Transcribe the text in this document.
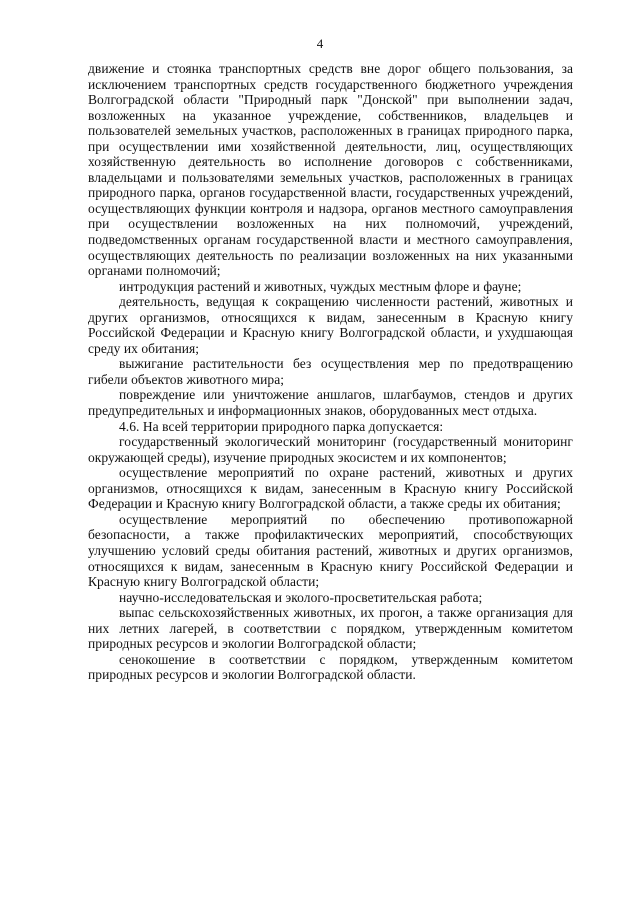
4

движение и стоянка транспортных средств вне дорог общего пользования, за исключением транспортных средств государственного бюджетного учреждения Волгоградской области "Природный парк "Донской" при выполнении задач, возложенных на указанное учреждение, собственников, владельцев и пользователей земельных участков, расположенных в границах природного парка, при осуществлении ими хозяйственной деятельности, лиц, осуществляющих хозяйственную деятельность во исполнение договоров с собственниками, владельцами и пользователями земельных участков, расположенных в границах природного парка, органов государственной власти, государственных учреждений, осуществляющих функции контроля и надзора, органов местного самоуправления при осуществлении возложенных на них полномочий, учреждений, подведомственных органам государственной власти и местного самоуправления, осуществляющих деятельность по реализации возложенных на них указанными органами полномочий;

интродукция растений и животных, чуждых местным флоре и фауне;

деятельность, ведущая к сокращению численности растений, животных и других организмов, относящихся к видам, занесенным в Красную книгу Российской Федерации и Красную книгу Волгоградской области, и ухудшающая среду их обитания;

выжигание растительности без осуществления мер по предотвращению гибели объектов животного мира;

повреждение или уничтожение аншлагов, шлагбаумов, стендов и других предупредительных и информационных знаков, оборудованных мест отдыха.

4.6. На всей территории природного парка допускается:

государственный экологический мониторинг (государственный мониторинг окружающей среды), изучение природных экосистем и их компонентов;

осуществление мероприятий по охране растений, животных и других организмов, относящихся к видам, занесенным в Красную книгу Российской Федерации и Красную книгу Волгоградской области, а также среды их обитания;

осуществление мероприятий по обеспечению противопожарной безопасности, а также профилактических мероприятий, способствующих улучшению условий среды обитания растений, животных и других организмов, относящихся к видам, занесенным в Красную книгу Российской Федерации и Красную книгу Волгоградской области;

научно-исследовательская и эколого-просветительская работа;

выпас сельскохозяйственных животных, их прогон, а также организация для них летних лагерей, в соответствии с порядком, утвержденным комитетом природных ресурсов и экологии Волгоградской области;

сенокошение в соответствии с порядком, утвержденным комитетом природных ресурсов и экологии Волгоградской области.
